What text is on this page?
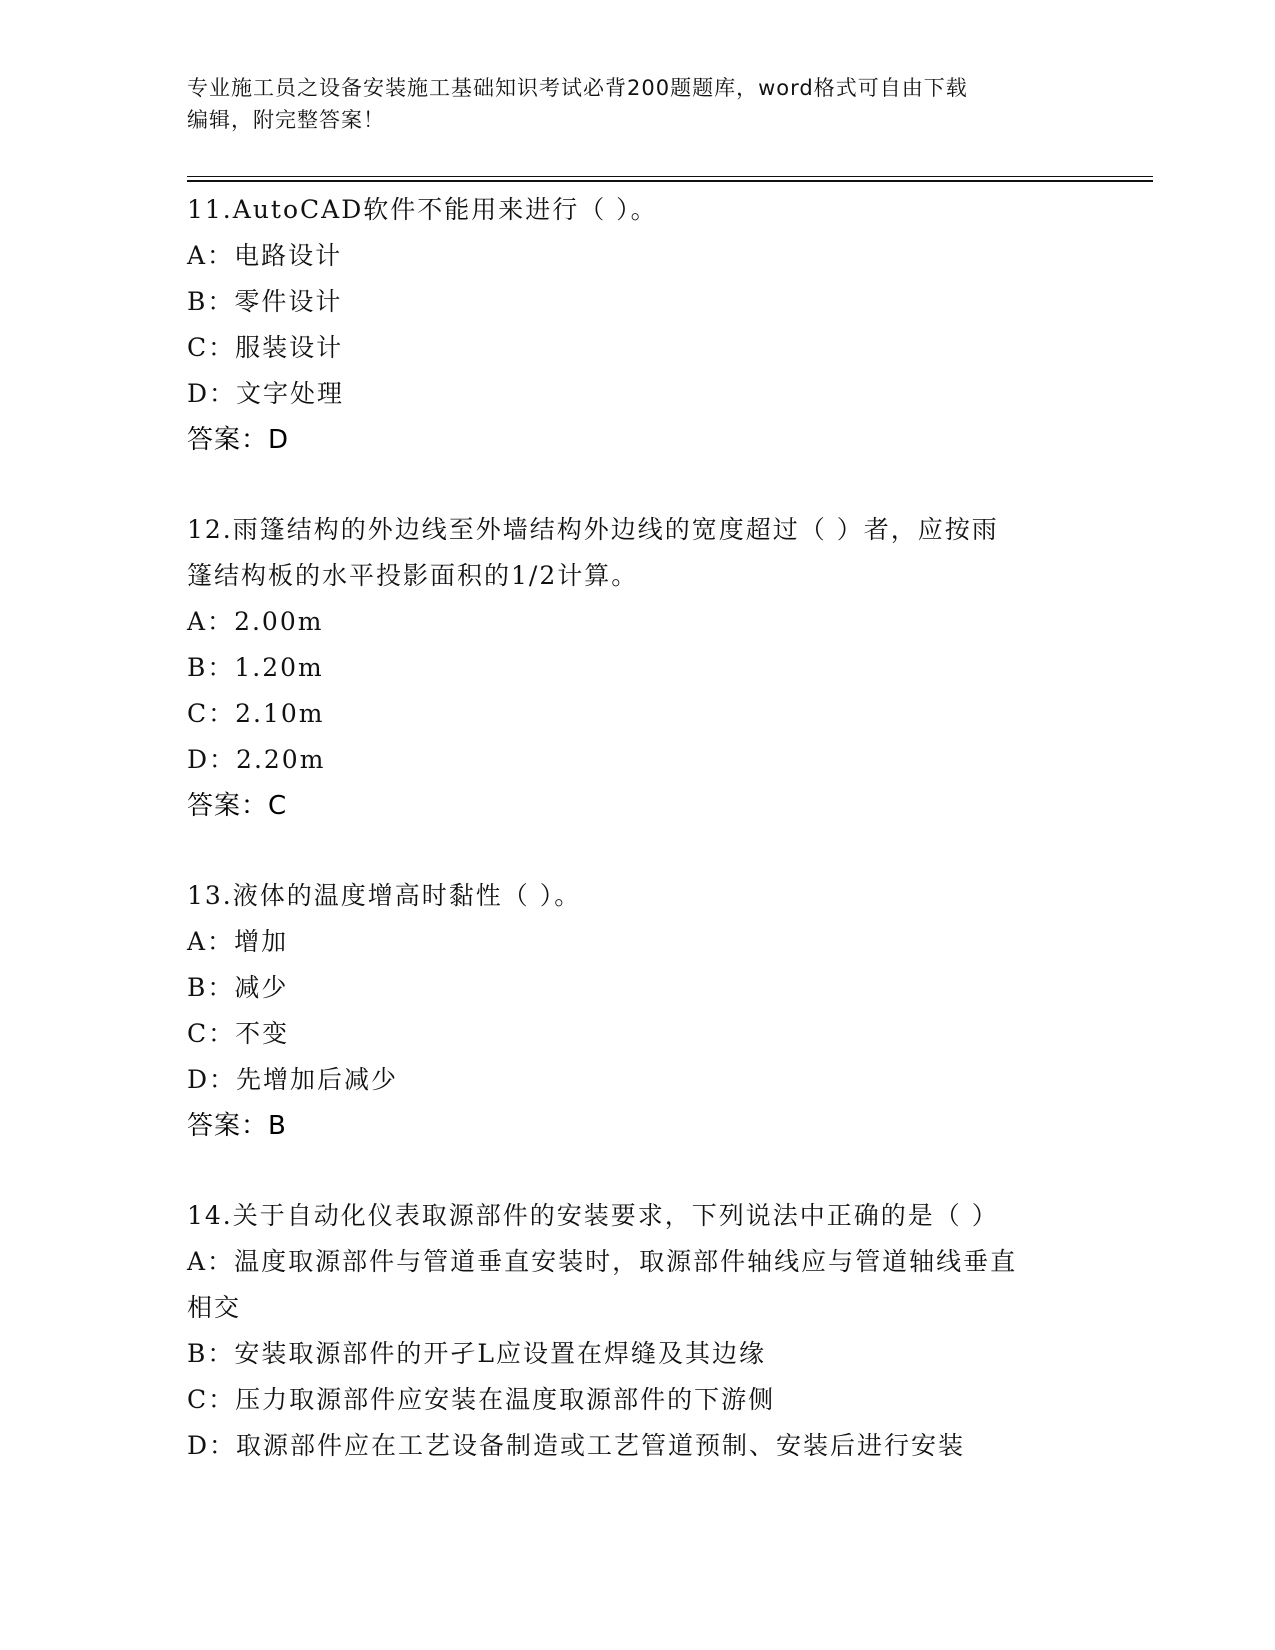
专业施工员之设备安装施工基础知识考试必背200题题库，word格式可自由下载
编辑，附完整答案！

11.AutoCAD软件不能用来进行（ ）。

A：电路设计

B：零件设计

C：服装设计

D：文字处理

答案：D

12.雨篷结构的外边线至外墙结构外边线的宽度超过（ ）者，应按雨

篷结构板的水平投影面积的1/2计算。

A：2.00m

B：1.20m

C：2.10m

D：2.20m

答案：C

13.液体的温度增高时黏性（ ）。

A：增加

B：减少

C：不变

D：先增加后减少

答案：B

14.关于自动化仪表取源部件的安装要求，下列说法中正确的是（ ）

A：温度取源部件与管道垂直安装时，取源部件轴线应与管道轴线垂直

相交

B：安装取源部件的开孑L应设置在焊缝及其边缘

C：压力取源部件应安装在温度取源部件的下游侧

D：取源部件应在工艺设备制造或工艺管道预制、安装后进行安装
